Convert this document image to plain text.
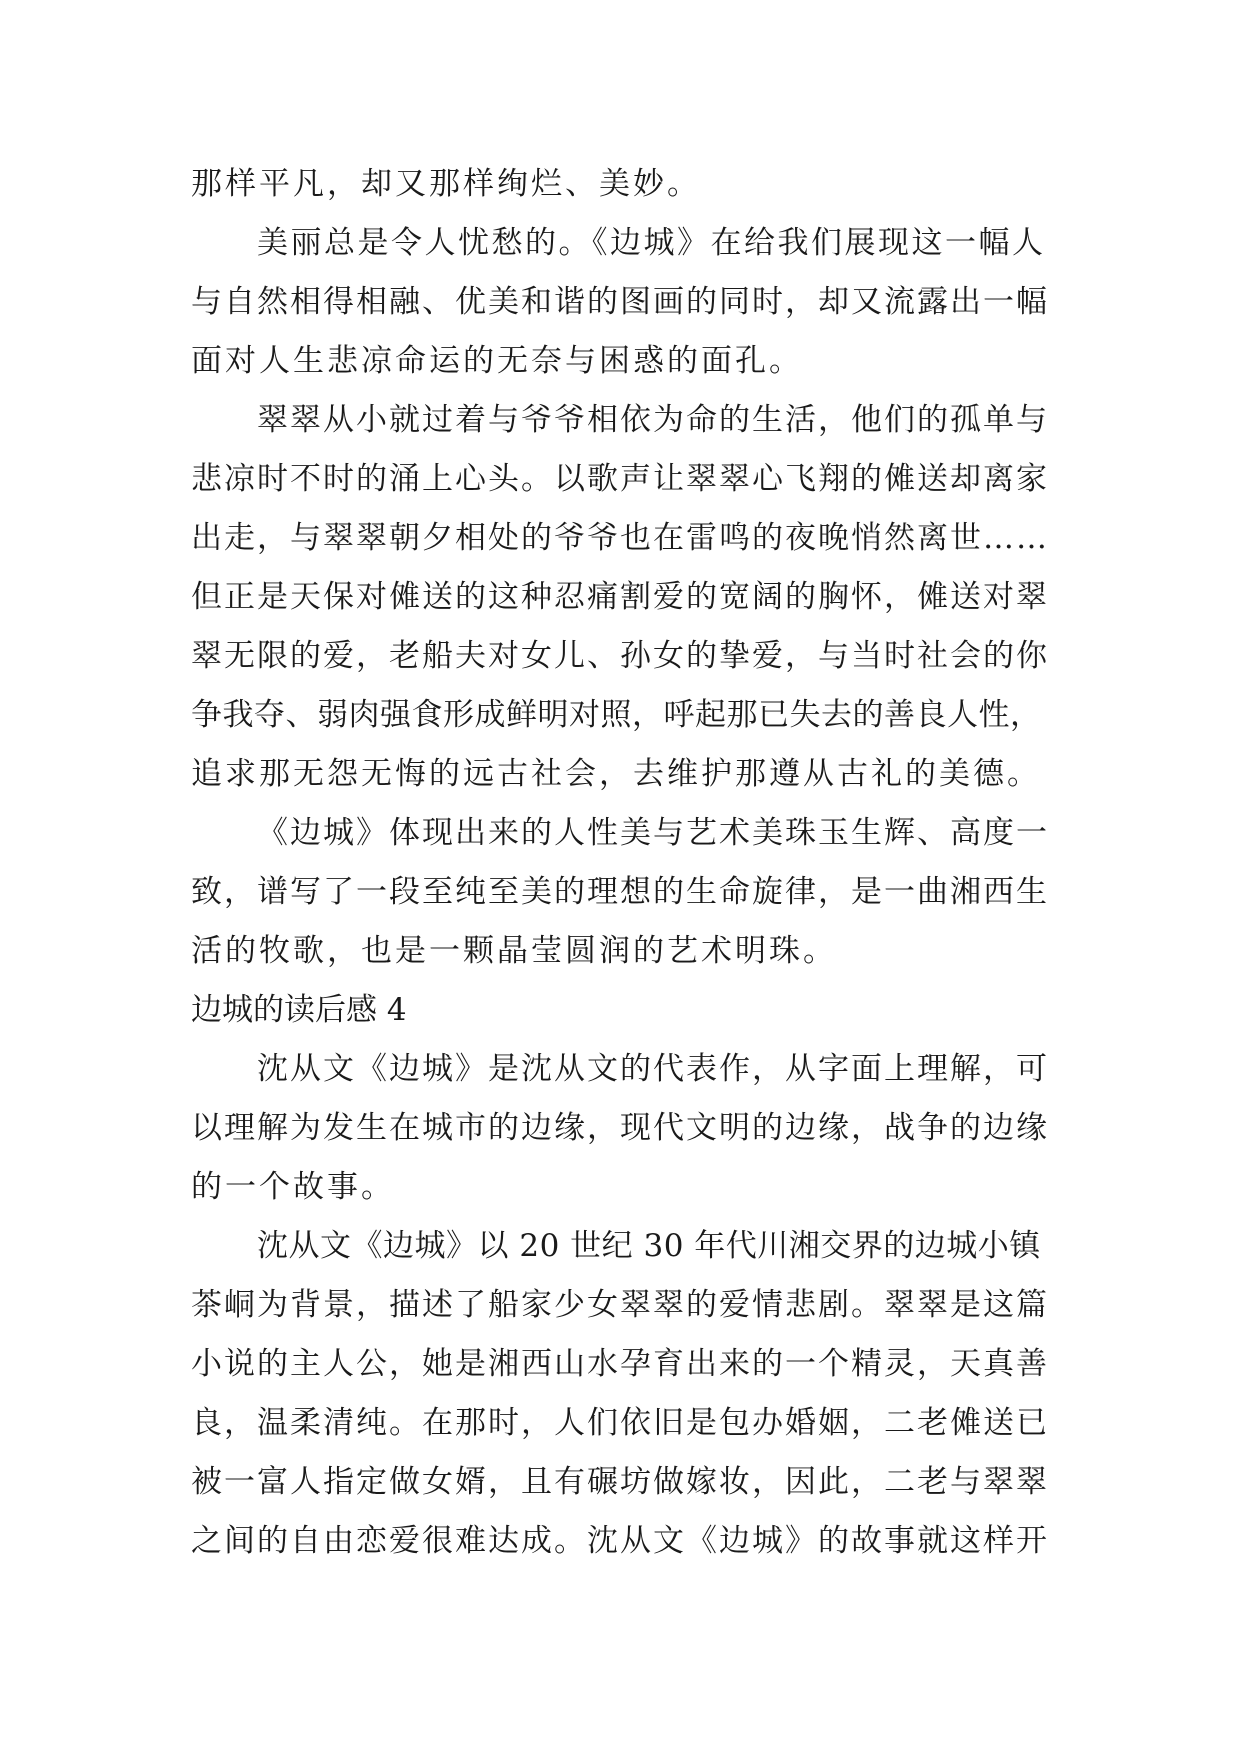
那样平凡，却又那样绚烂、美妙。
美丽总是令人忧愁的。《边城》在给我们展现这一幅人
与自然相得相融、优美和谐的图画的同时，却又流露出一幅
面对人生悲凉命运的无奈与困惑的面孔。
翠翠从小就过着与爷爷相依为命的生活，他们的孤单与
悲凉时不时的涌上心头。以歌声让翠翠心飞翔的傩送却离家
出走，与翠翠朝夕相处的爷爷也在雷鸣的夜晚悄然离世……
但正是天保对傩送的这种忍痛割爱的宽阔的胸怀，傩送对翠
翠无限的爱，老船夫对女儿、孙女的挚爱，与当时社会的你
争我夺、弱肉强食形成鲜明对照，呼起那已失去的善良人性，
追求那无怨无悔的远古社会，去维护那遵从古礼的美德。
《边城》体现出来的人性美与艺术美珠玉生辉、高度一
致，谱写了一段至纯至美的理想的生命旋律，是一曲湘西生
活的牧歌，也是一颗晶莹圆润的艺术明珠。
边城的读后感 4
沈从文《边城》是沈从文的代表作，从字面上理解，可
以理解为发生在城市的边缘，现代文明的边缘，战争的边缘
的一个故事。
沈从文《边城》以 20 世纪 30 年代川湘交界的边城小镇
茶峒为背景，描述了船家少女翠翠的爱情悲剧。翠翠是这篇
小说的主人公，她是湘西山水孕育出来的一个精灵，天真善
良，温柔清纯。在那时，人们依旧是包办婚姻，二老傩送已
被一富人指定做女婿，且有碾坊做嫁妆，因此，二老与翠翠
之间的自由恋爱很难达成。沈从文《边城》的故事就这样开
